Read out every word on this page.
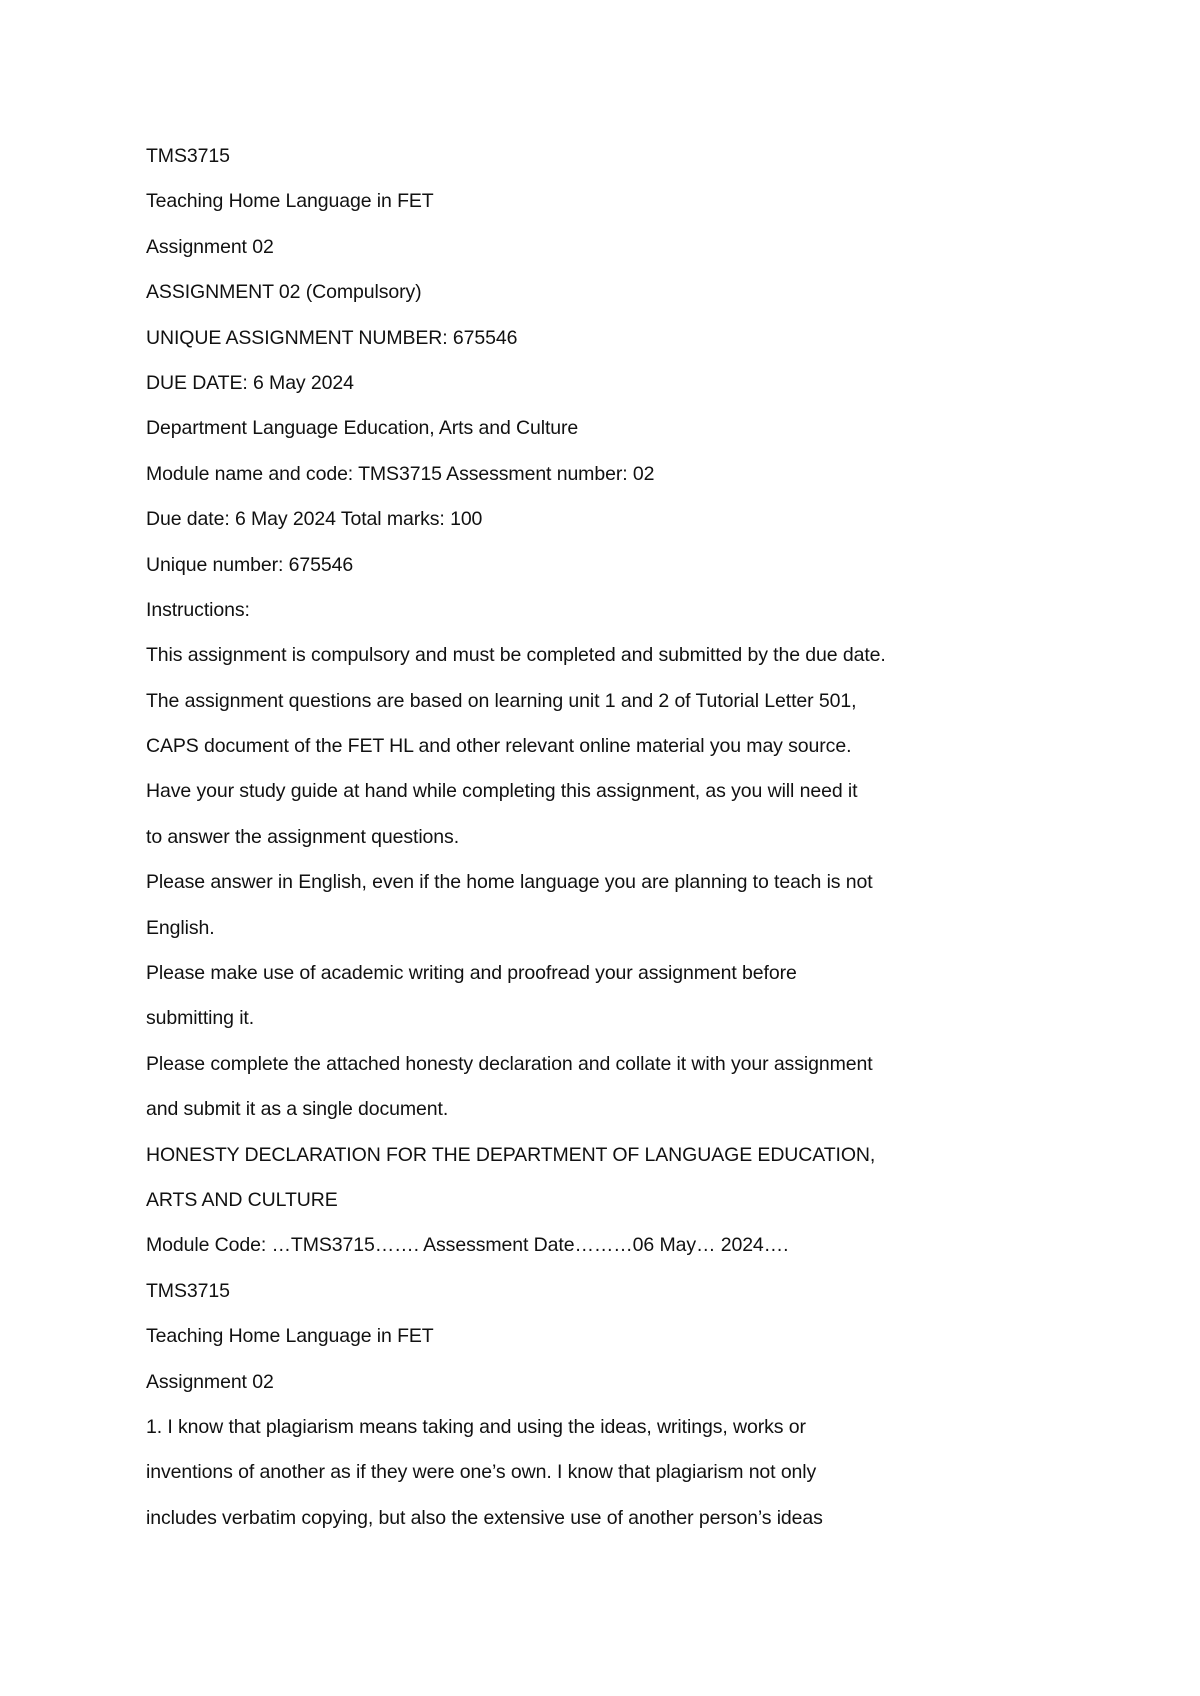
TMS3715
Teaching Home Language in FET
Assignment 02
ASSIGNMENT 02 (Compulsory)
UNIQUE ASSIGNMENT NUMBER: 675546
DUE DATE: 6 May 2024
Department Language Education, Arts and Culture
Module name and code: TMS3715 Assessment number: 02
Due date: 6 May 2024 Total marks: 100
Unique number: 675546
Instructions:
This assignment is compulsory and must be completed and submitted by the due date.
The assignment questions are based on learning unit 1 and 2 of Tutorial Letter 501,
CAPS document of the FET HL and other relevant online material you may source.
Have your study guide at hand while completing this assignment, as you will need it
to answer the assignment questions.
Please answer in English, even if the home language you are planning to teach is not
English.
Please make use of academic writing and proofread your assignment before
submitting it.
Please complete the attached honesty declaration and collate it with your assignment
and submit it as a single document.
HONESTY DECLARATION FOR THE DEPARTMENT OF LANGUAGE EDUCATION,
ARTS AND CULTURE
Module Code: …TMS3715……. Assessment Date………06 May… 2024….
TMS3715
Teaching Home Language in FET
Assignment 02
1. I know that plagiarism means taking and using the ideas, writings, works or
inventions of another as if they were one’s own. I know that plagiarism not only
includes verbatim copying, but also the extensive use of another person’s ideas
